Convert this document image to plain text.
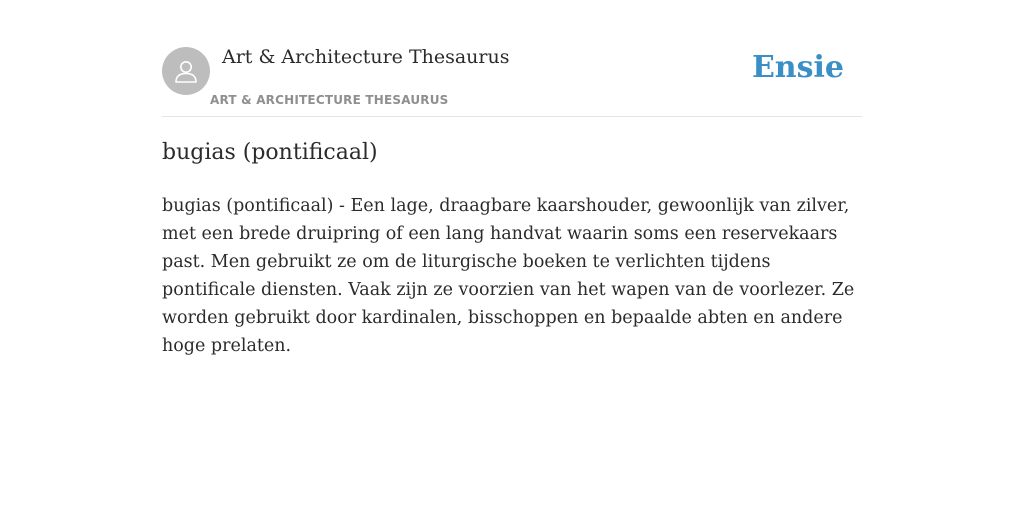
Art & Architecture Thesaurus
ART & ARCHITECTURE THESAURUS
Ensie
bugias (pontificaal)

bugias (pontificaal) - Een lage, draagbare kaarshouder, gewoonlijk van zilver, met een brede druipring of een lang handvat waarin soms een reservekaars past. Men gebruikt ze om de liturgische boeken te verlichten tijdens pontificale diensten. Vaak zijn ze voorzien van het wapen van de voorlezer. Ze worden gebruikt door kardinalen, bisschoppen en bepaalde abten en andere hoge prelaten.
